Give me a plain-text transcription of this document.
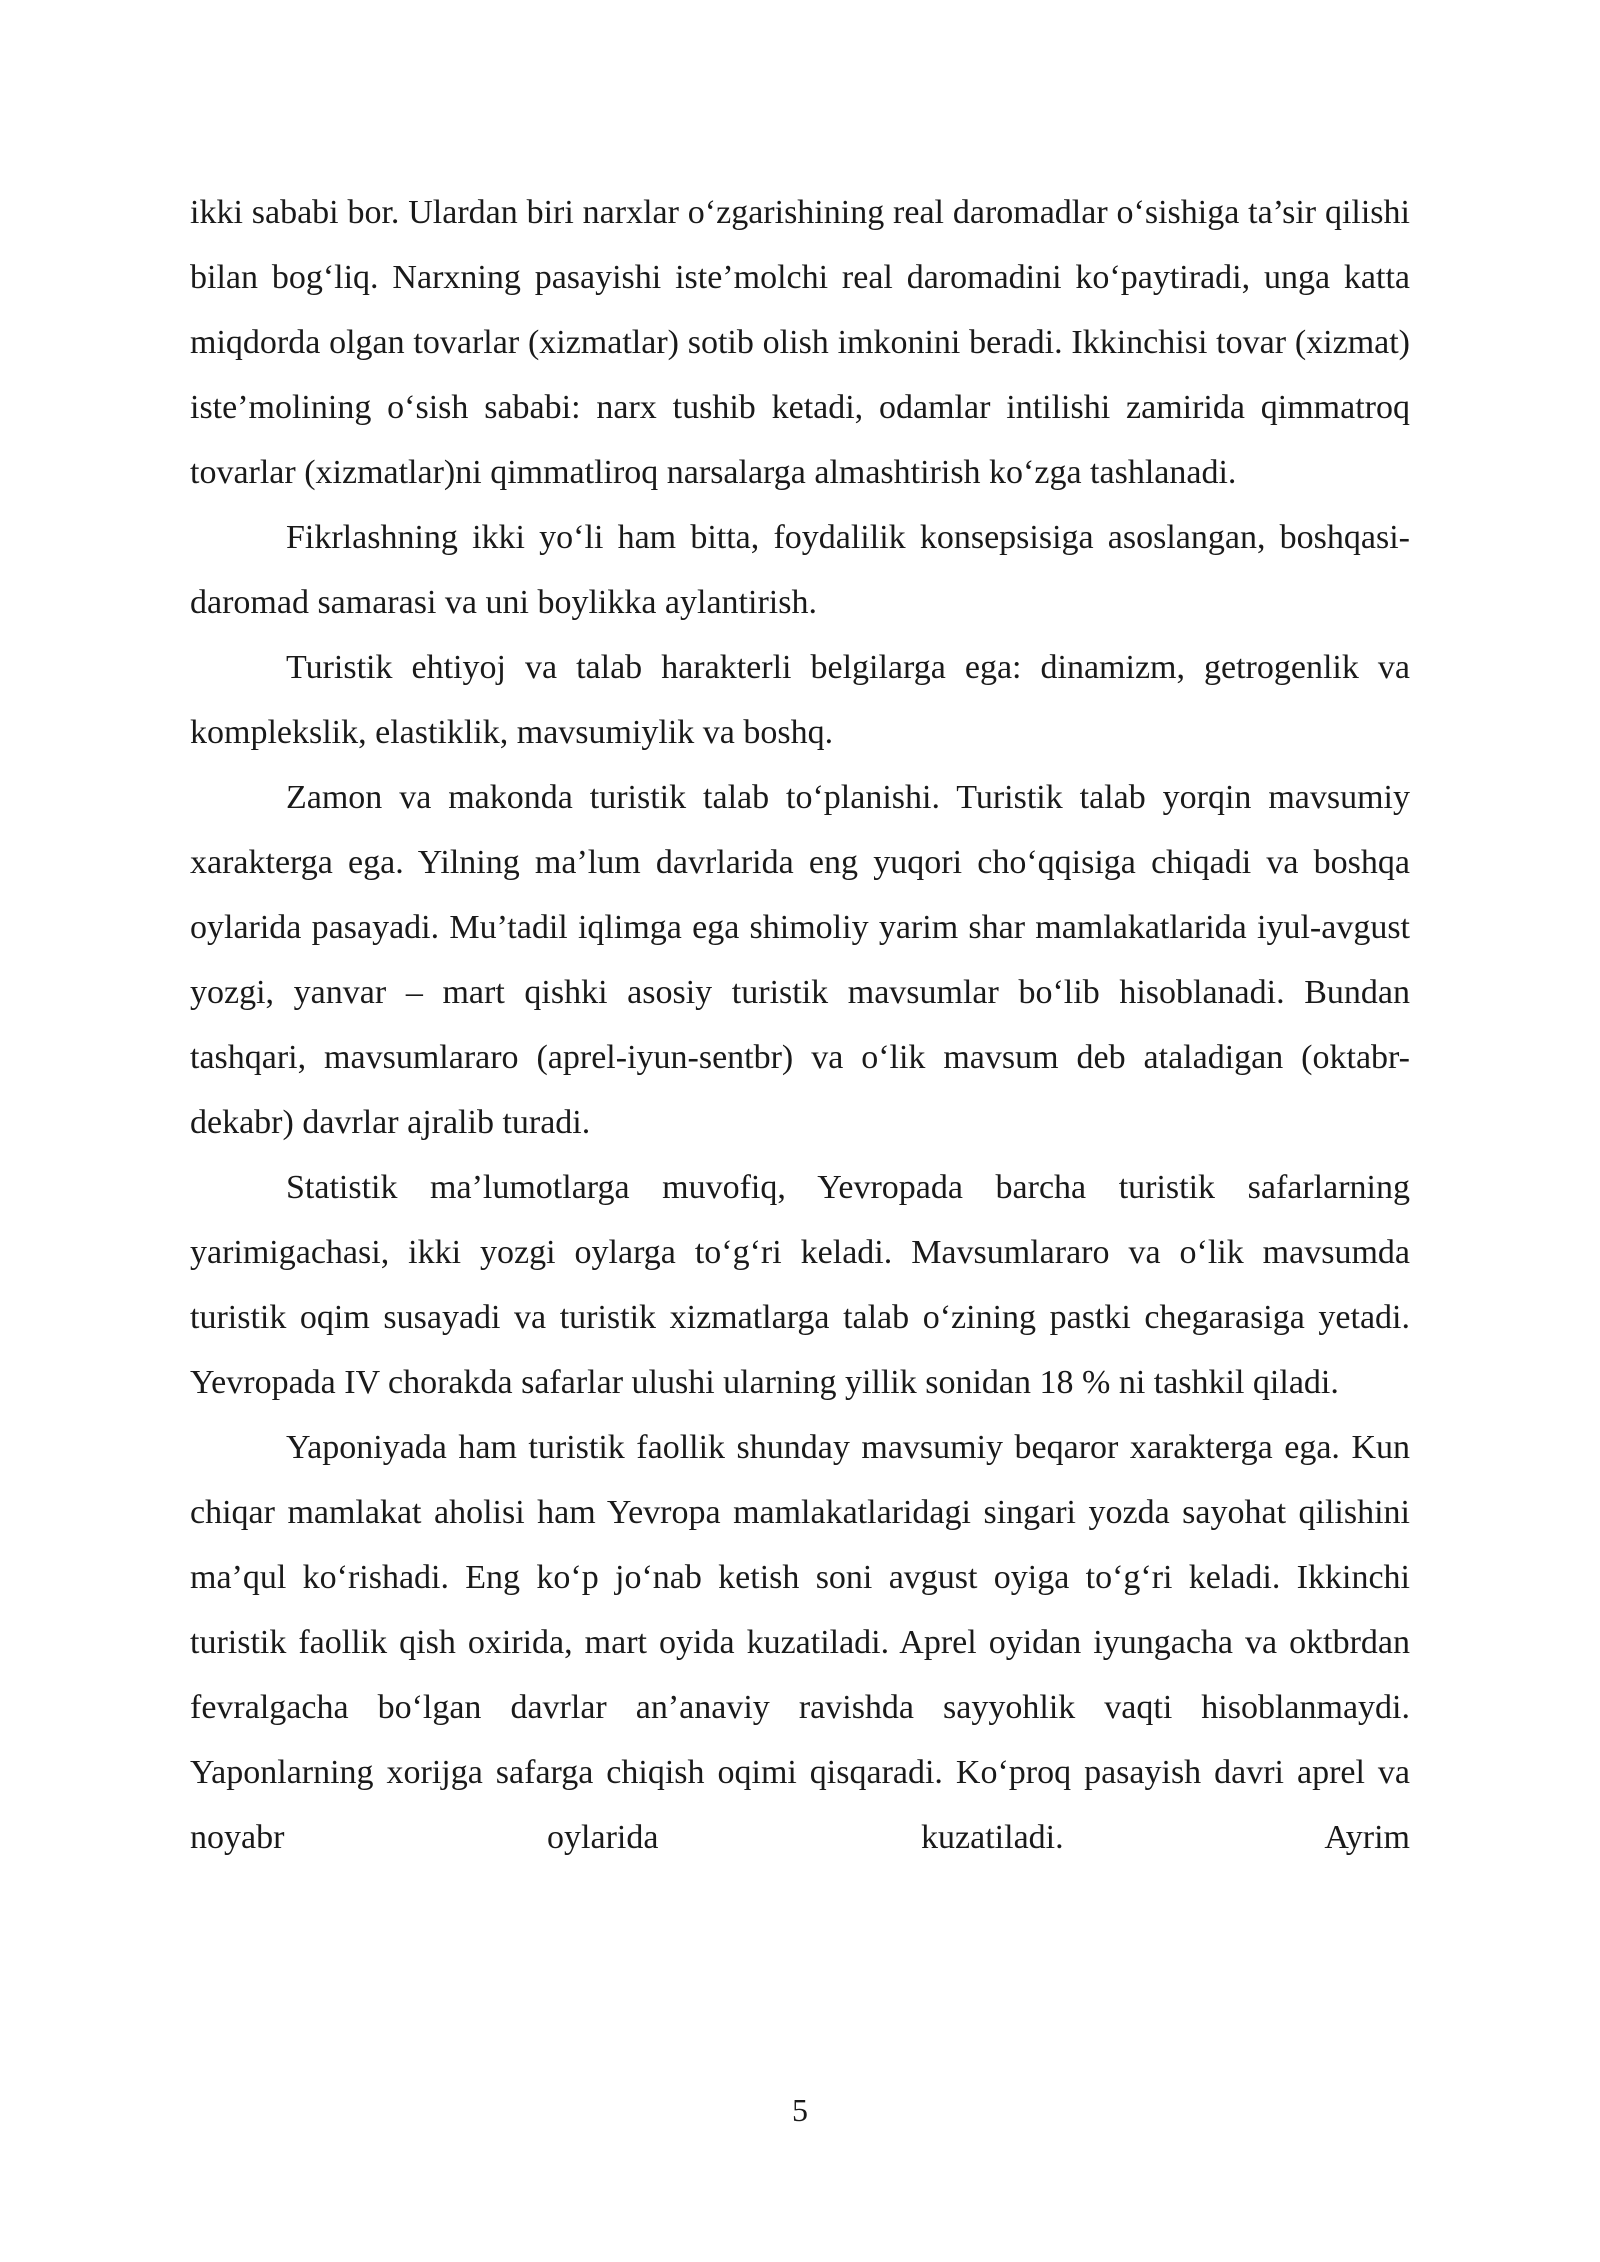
ikki sababi bor. Ulardan biri narxlar o‘zgarishining real daromadlar o‘sishiga ta’sir qilishi bilan bog‘liq. Narxning pasayishi iste’molchi real daromadini ko‘paytiradi, unga katta miqdorda olgan tovarlar (xizmatlar) sotib olish imkonini beradi. Ikkinchisi tovar (xizmat) iste’molining o‘sish sababi: narx tushib ketadi, odamlar intilishi zamirida qimmatroq tovarlar (xizmatlar)ni qimmatliroq narsalarga almashtirish ko‘zga tashlanadi.

Fikrlashning ikki yo‘li ham bitta, foydalilik konsepsisiga asoslangan, boshqasi-daromad samarasi va uni boylikka aylantirish.

Turistik ehtiyoj va talab harakterli belgilarga ega: dinamizm, getrogenlik va komplekslik, elastiklik, mavsumiylik va boshq.

Zamon va makonda turistik talab to‘planishi. Turistik talab yorqin mavsumiy xarakterga ega. Yilning ma’lum davrlarida eng yuqori cho‘qqisiga chiqadi va boshqa oylarida pasayadi. Mu’tadil iqlimga ega shimoliy yarim shar mamlakatlarida iyul-avgust yozgi, yanvar – mart qishki asosiy turistik mavsumlar bo‘lib hisoblanadi. Bundan tashqari, mavsumlararo (aprel-iyun-sentbr) va o‘lik mavsum deb ataladigan (oktabr-dekabr) davrlar ajralib turadi.

Statistik ma’lumotlarga muvofiq, Yevropada barcha turistik safarlarning yarimigachasi, ikki yozgi oylarga to‘g‘ri keladi. Mavsumlararo va o‘lik mavsumda turistik oqim susayadi va turistik xizmatlarga talab o‘zining pastki chegarasiga yetadi. Yevropada IV chorakda safarlar ulushi ularning yillik sonidan 18 % ni tashkil qiladi.

Yaponiyada ham turistik faollik shunday mavsumiy beqaror xarakterga ega. Kun chiqar mamlakat aholisi ham Yevropa mamlakatlaridagi singari yozda sayohat qilishini ma’qul ko‘rishadi. Eng ko‘p jo‘nab ketish soni avgust oyiga to‘g‘ri keladi. Ikkinchi turistik faollik qish oxirida, mart oyida kuzatiladi. Aprel oyidan iyungacha va oktbrdan fevralgacha bo‘lgan davrlar an’anaviy ravishda sayyohlik vaqti hisoblanmaydi. Yaponlarning xorijga safarga chiqish oqimi qisqaradi. Ko‘proq pasayish davri aprel va noyabr oylarida kuzatiladi. Ayrim

5
